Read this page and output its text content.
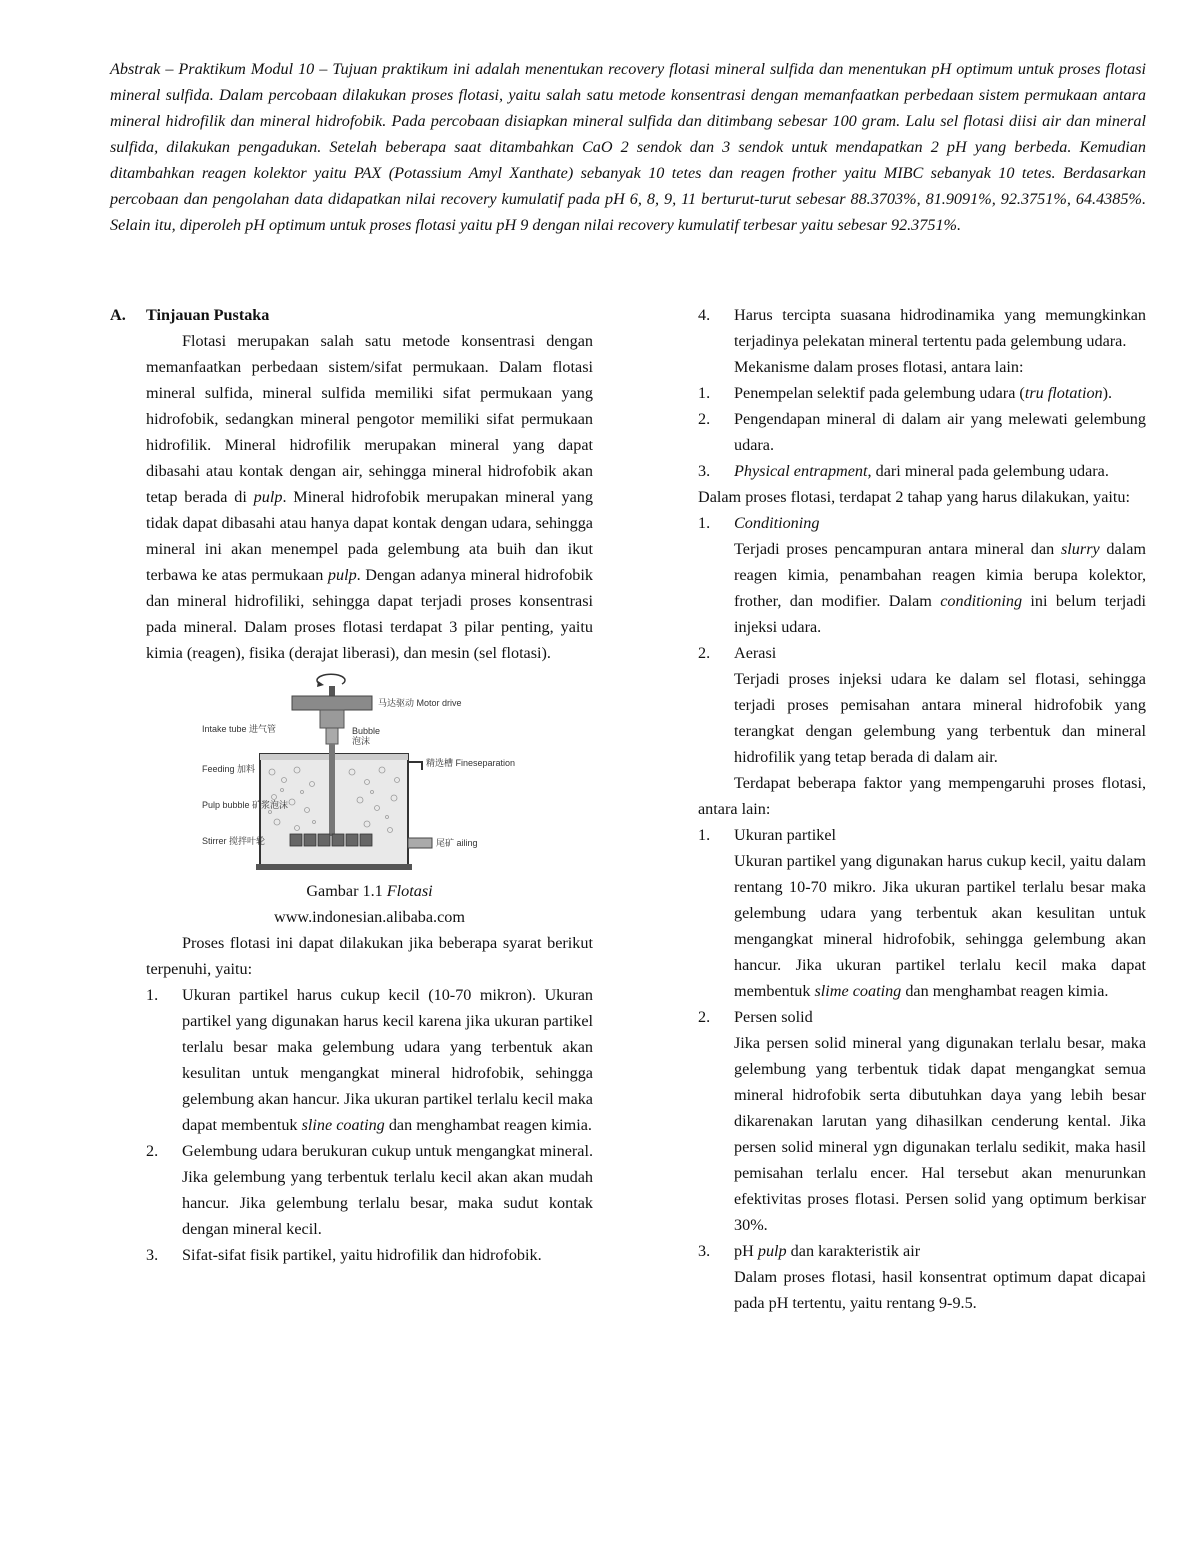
Abstrak – Praktikum Modul 10 – Tujuan praktikum ini adalah menentukan recovery flotasi mineral sulfida dan menentukan pH optimum untuk proses flotasi mineral sulfida. Dalam percobaan dilakukan proses flotasi, yaitu salah satu metode konsentrasi dengan memanfaatkan perbedaan sistem permukaan antara mineral hidrofilik dan mineral hidrofobik. Pada percobaan disiapkan mineral sulfida dan ditimbang sebesar 100 gram. Lalu sel flotasi diisi air dan mineral sulfida, dilakukan pengadukan. Setelah beberapa saat ditambahkan CaO 2 sendok dan 3 sendok untuk mendapatkan 2 pH yang berbeda. Kemudian ditambahkan reagen kolektor yaitu PAX (Potassium Amyl Xanthate) sebanyak 10 tetes dan reagen frother yaitu MIBC sebanyak 10 tetes. Berdasarkan percobaan dan pengolahan data didapatkan nilai recovery kumulatif pada pH 6, 8, 9, 11 berturut-turut sebesar 88.3703%, 81.9091%, 92.3751%, 64.4385%. Selain itu, diperoleh pH optimum untuk proses flotasi yaitu pH 9 dengan nilai recovery kumulatif terbesar yaitu sebesar 92.3751%.

A. Tinjauan Pustaka

Flotasi merupakan salah satu metode konsentrasi dengan memanfaatkan perbedaan sistem/sifat permukaan. Dalam flotasi mineral sulfida, mineral sulfida memiliki sifat permukaan yang hidrofobik, sedangkan mineral pengotor memiliki sifat permukaan hidrofilik. Mineral hidrofilik merupakan mineral yang dapat dibasahi atau kontak dengan air, sehingga mineral hidrofobik akan tetap berada di pulp. Mineral hidrofobik merupakan mineral yang tidak dapat dibasahi atau hanya dapat kontak dengan udara, sehingga mineral ini akan menempel pada gelembung ata buih dan ikut terbawa ke atas permukaan pulp. Dengan adanya mineral hidrofobik dan mineral hidrofiliki, sehingga dapat terjadi proses konsentrasi pada mineral. Dalam proses flotasi terdapat 3 pilar penting, yaitu kimia (reagen), fisika (derajat liberasi), dan mesin (sel flotasi).

马达驱动 Motor drive
Intake tube 进气管	Bubble
泡沫
Feeding 加料
Pulp bubble 矿浆泡沫
Stirrer 搅拌叶轮
精选槽 Fineseparation
尾矿 ailing

Gambar 1.1 Flotasi

www.indonesian.alibaba.com

Proses flotasi ini dapat dilakukan jika beberapa syarat berikut terpenuhi, yaitu:

1. Ukuran partikel harus cukup kecil (10-70 mikron). Ukuran partikel yang digunakan harus kecil karena jika ukuran partikel terlalu besar maka gelembung udara yang terbentuk akan kesulitan untuk mengangkat mineral hidrofobik, sehingga gelembung akan hancur. Jika ukuran partikel terlalu kecil maka dapat membentuk sline coating dan menghambat reagen kimia.
2. Gelembung udara berukuran cukup untuk mengangkat mineral. Jika gelembung yang terbentuk terlalu kecil akan akan mudah hancur. Jika gelembung terlalu besar, maka sudut kontak dengan mineral kecil.
3. Sifat-sifat fisik partikel, yaitu hidrofilik dan hidrofobik.
4. Harus tercipta suasana hidrodinamika yang memungkinkan terjadinya pelekatan mineral tertentu pada gelembung udara.

Mekanisme dalam proses flotasi, antara lain:

1. Penempelan selektif pada gelembung udara (tru flotation).
2. Pengendapan mineral di dalam air yang melewati gelembung udara.
3. Physical entrapment, dari mineral pada gelembung udara.

Dalam proses flotasi, terdapat 2 tahap yang harus dilakukan, yaitu:

1. Conditioning
Terjadi proses pencampuran antara mineral dan slurry dalam reagen kimia, penambahan reagen kimia berupa kolektor, frother, dan modifier. Dalam conditioning ini belum terjadi injeksi udara.
2. Aerasi
Terjadi proses injeksi udara ke dalam sel flotasi, sehingga terjadi proses pemisahan antara mineral hidrofobik yang terangkat dengan gelembung yang terbentuk dan mineral hidrofilik yang tetap berada di dalam air.

Terdapat beberapa faktor yang mempengaruhi proses flotasi, antara lain:

1. Ukuran partikel
Ukuran partikel yang digunakan harus cukup kecil, yaitu dalam rentang 10-70 mikro. Jika ukuran partikel terlalu besar maka gelembung udara yang terbentuk akan kesulitan untuk mengangkat mineral hidrofobik, sehingga gelembung akan hancur. Jika ukuran partikel terlalu kecil maka dapat membentuk slime coating dan menghambat reagen kimia.
2. Persen solid
Jika persen solid mineral yang digunakan terlalu besar, maka gelembung yang terbentuk tidak dapat mengangkat semua mineral hidrofobik serta dibutuhkan daya yang lebih besar dikarenakan larutan yang dihasilkan cenderung kental. Jika persen solid mineral ygn digunakan terlalu sedikit, maka hasil pemisahan terlalu encer. Hal tersebut akan menurunkan efektivitas proses flotasi. Persen solid yang optimum berkisar 30%.
3. pH pulp dan karakteristik air
Dalam proses flotasi, hasil konsentrat optimum dapat dicapai pada pH tertentu, yaitu rentang 9-9.5.
